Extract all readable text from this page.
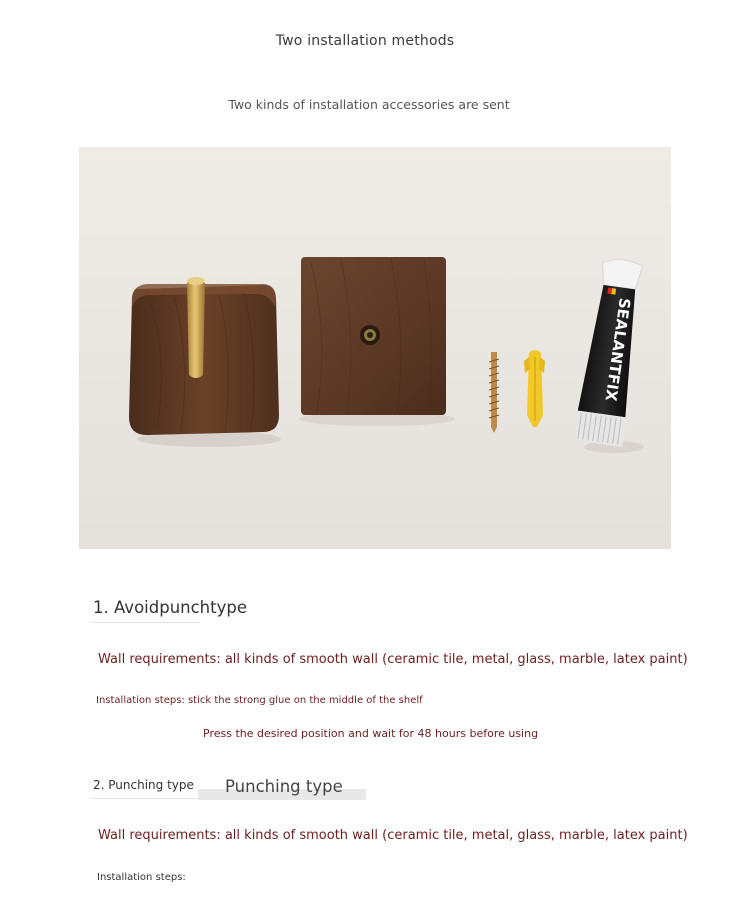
Two installation methods
Two kinds of installation accessories are sent
SEALANTFIX
1. Avoidpunchtype
Wall requirements: all kinds of smooth wall (ceramic tile, metal, glass, marble, latex paint)
Installation steps: stick the strong glue on the middle of the shelf
Press the desired position and wait for 48 hours before using
2. Punching type Punching type
Wall requirements: all kinds of smooth wall (ceramic tile, metal, glass, marble, latex paint)
Installation steps:
